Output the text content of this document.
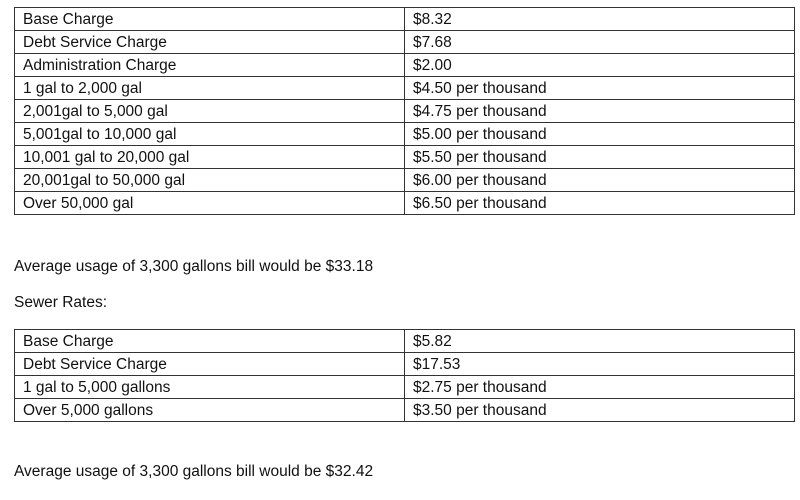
Base Charge	$8.32
Debt Service Charge	$7.68
Administration Charge	$2.00
1 gal to 2,000 gal	$4.50 per thousand
2,001gal to 5,000 gal	$4.75 per thousand
5,001gal to 10,000 gal	$5.00 per thousand
10,001 gal to 20,000 gal	$5.50 per thousand
20,001gal to 50,000 gal	$6.00 per thousand
Over 50,000 gal	$6.50 per thousand

Average usage of 3,300 gallons bill would be $33.18

Sewer Rates:

Base Charge	$5.82
Debt Service Charge	$17.53
1 gal to 5,000 gallons	$2.75 per thousand
Over 5,000 gallons	$3.50 per thousand

Average usage of 3,300 gallons bill would be $32.42
